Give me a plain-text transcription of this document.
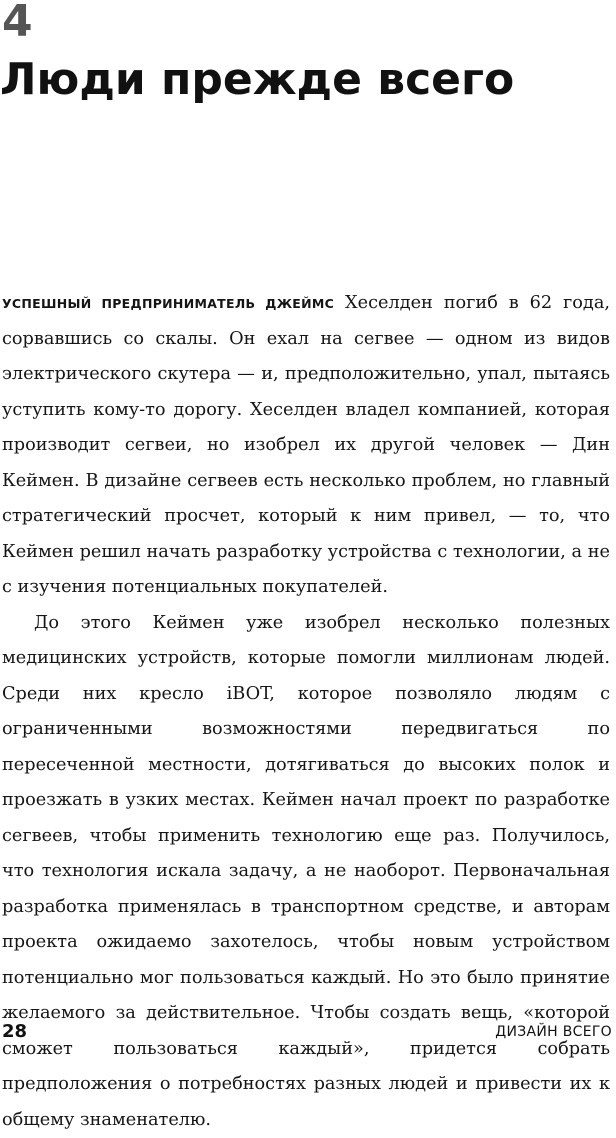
4
Люди прежде всего

УСПЕШНЫЙ ПРЕДПРИНИМАТЕЛЬ ДЖЕЙМС Хеселден погиб в 62 года, сорвавшись со скалы. Он ехал на сегвее — одном из видов электрического скутера — и, предположительно, упал, пытаясь уступить кому-то дорогу. Хеселден владел компанией, которая производит сегвеи, но изобрел их другой человек — Дин Кеймен. В дизайне сегвеев есть несколько проблем, но главный стратегический просчет, который к ним привел, — то, что Кеймен решил начать разработку устройства с технологии, а не с изучения потенциальных покупателей.

До этого Кеймен уже изобрел несколько полезных медицинских устройств, которые помогли миллионам людей. Среди них кресло iBOT, которое позволяло людям с ограниченными возможностями передвигаться по пересеченной местности, дотягиваться до высоких полок и проезжать в узких местах. Кеймен начал проект по разработке сегвеев, чтобы применить технологию еще раз. Получилось, что технология искала задачу, а не наоборот. Первоначальная разработка применялась в транспортном средстве, и авторам проекта ожидаемо захотелось, чтобы новым устройством потенциально мог пользоваться каждый. Но это было принятие желаемого за действительное. Чтобы создать вещь, «которой сможет пользоваться каждый», придется собрать предположения о потребностях разных людей и привести их к общему знаменателю.

28	ДИЗАЙН ВСЕГО
